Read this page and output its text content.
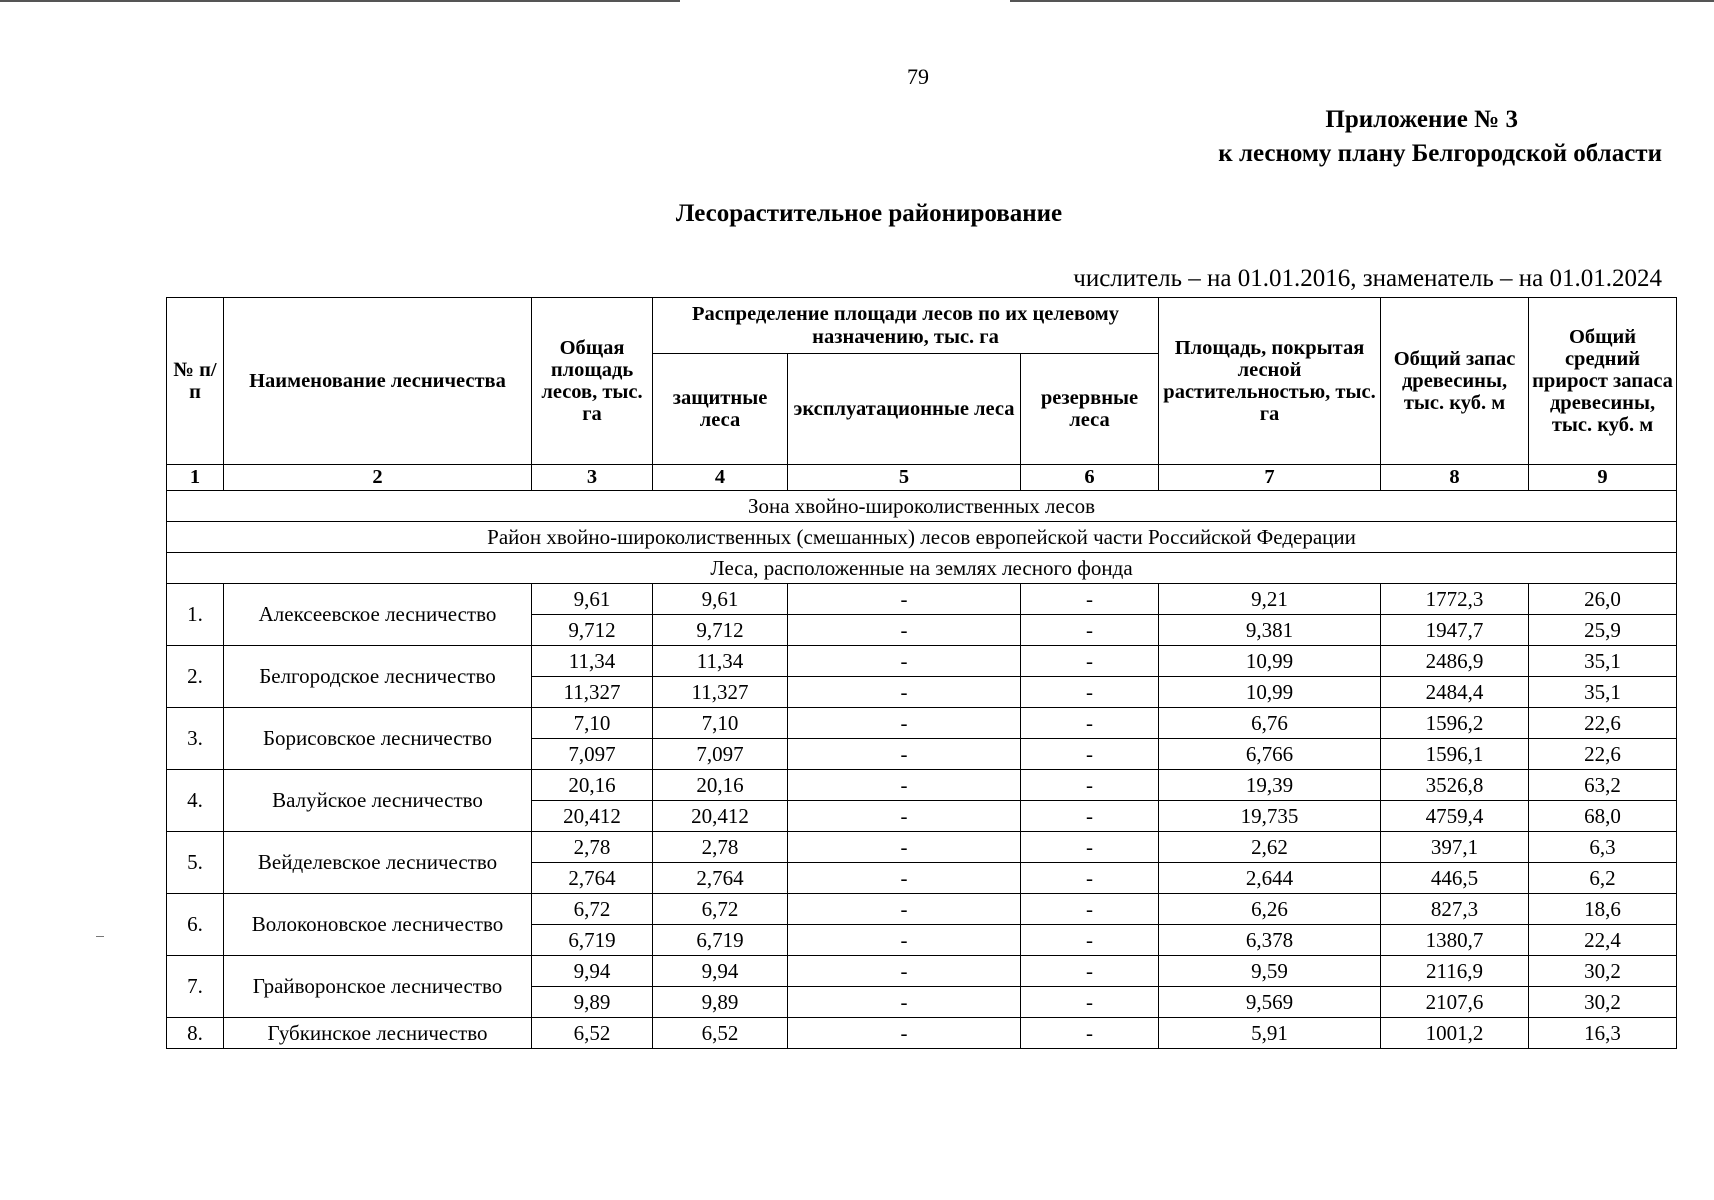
79
Приложение № 3
к лесному плану Белгородской области
Лесорастительное районирование
числитель – на 01.01.2016, знаменатель – на 01.01.2024
№ п/п	Наименование лесничества	Общая площадь лесов, тыс. га	Распределение площади лесов по их целевому назначению, тыс. га			Площадь, покрытая лесной растительностью, тыс. га	Общий запас древесины, тыс. куб. м	Общий средний прирост запаса древесины, тыс. куб. м
			защитные леса	эксплуатационные леса	резервные леса			
1	2	3	4	5	6	7	8	9
Зона хвойно-широколиственных лесов								
Район хвойно-широколиственных (смешанных) лесов европейской части Российской Федерации								
Леса, расположенные на землях лесного фонда								
1.	Алексеевское лесничество	9,61	9,61	-	-	9,21	1772,3	26,0
		9,712	9,712	-	-	9,381	1947,7	25,9
2.	Белгородское лесничество	11,34	11,34	-	-	10,99	2486,9	35,1
		11,327	11,327	-	-	10,99	2484,4	35,1
3.	Борисовское лесничество	7,10	7,10	-	-	6,76	1596,2	22,6
		7,097	7,097	-	-	6,766	1596,1	22,6
4.	Валуйское лесничество	20,16	20,16	-	-	19,39	3526,8	63,2
		20,412	20,412	-	-	19,735	4759,4	68,0
5.	Вейделевское лесничество	2,78	2,78	-	-	2,62	397,1	6,3
		2,764	2,764	-	-	2,644	446,5	6,2
6.	Волоконовское лесничество	6,72	6,72	-	-	6,26	827,3	18,6
		6,719	6,719	-	-	6,378	1380,7	22,4
7.	Грайворонское лесничество	9,94	9,94	-	-	9,59	2116,9	30,2
		9,89	9,89	-	-	9,569	2107,6	30,2
8.	Губкинское лесничество	6,52	6,52	-	-	5,91	1001,2	16,3
